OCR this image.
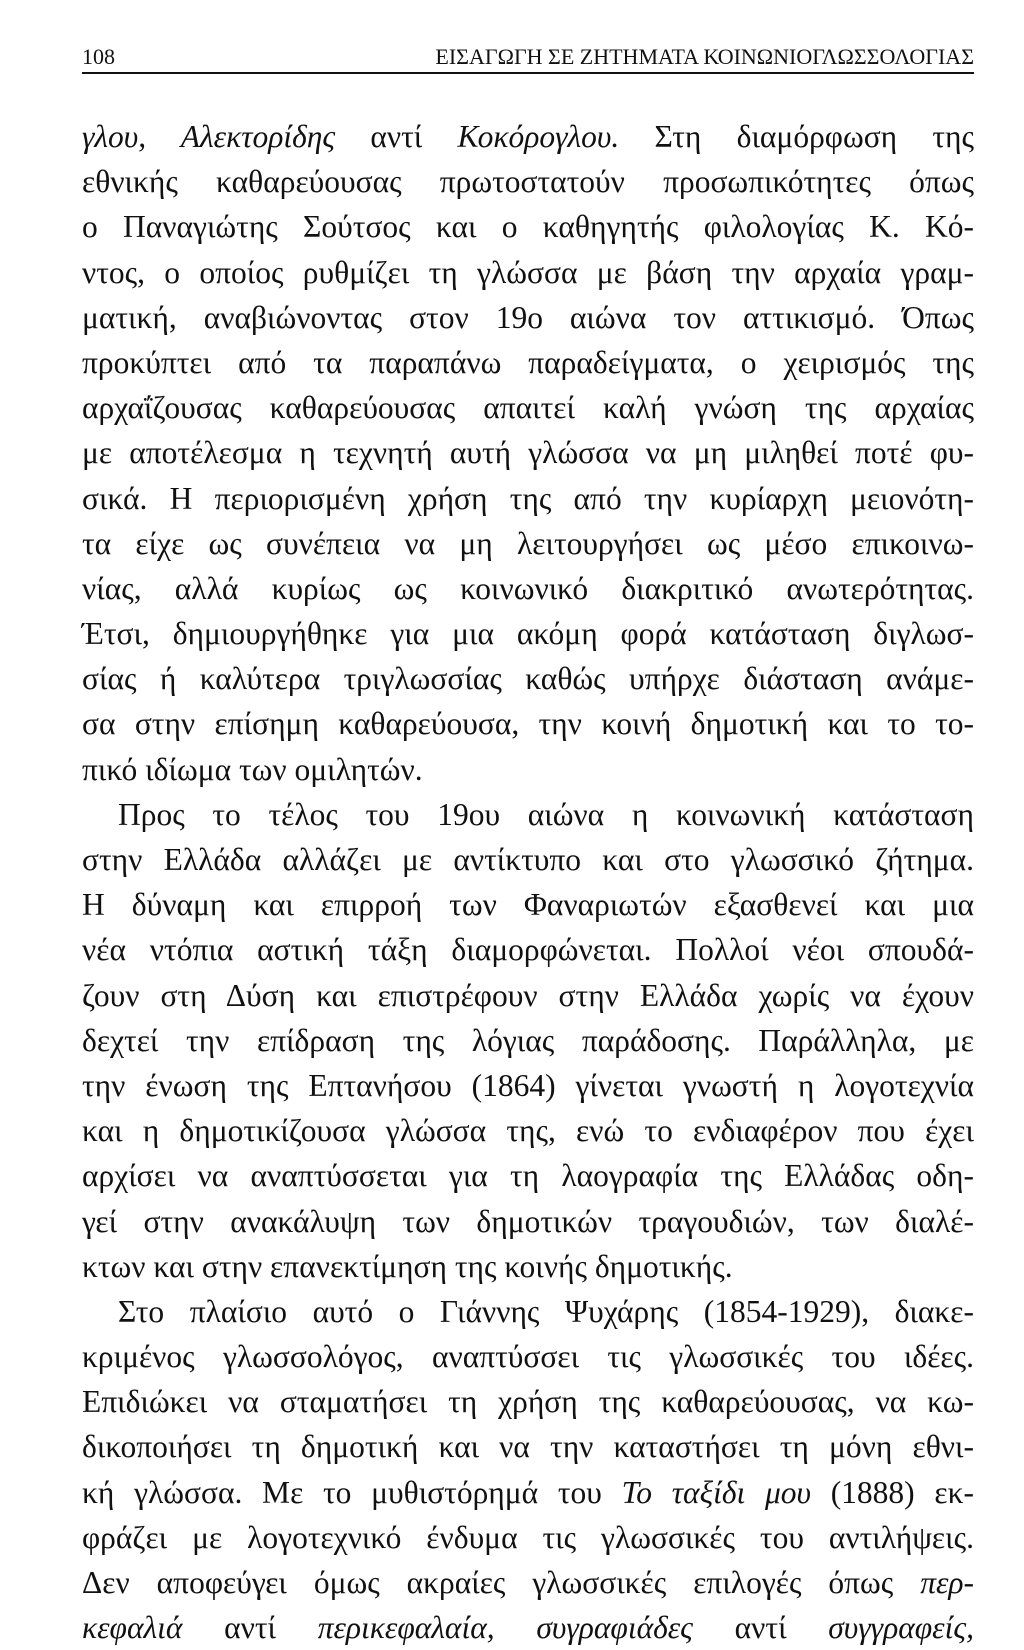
108	ΕΙΣΑΓΩΓΗ ΣΕ ΖΗΤΗΜΑΤΑ ΚΟΙΝΩΝΙΟΓΛΩΣΣΟΛΟΓΙΑΣ
γλου, Αλεκτορίδης αντί Κοκόρογλου. Στη διαμόρφωση της
εθνικής καθαρεύουσας πρωτοστατούν προσωπικότητες όπως
ο Παναγιώτης Σούτσος και ο καθηγητής φιλολογίας Κ. Κό-
ντος, ο οποίος ρυθμίζει τη γλώσσα με βάση την αρχαία γραμ-
ματική, αναβιώνοντας στον 19ο αιώνα τον αττικισμό. Όπως
προκύπτει από τα παραπάνω παραδείγματα, ο χειρισμός της
αρχαΐζουσας καθαρεύουσας απαιτεί καλή γνώση της αρχαίας
με αποτέλεσμα η τεχνητή αυτή γλώσσα να μη μιληθεί ποτέ φυ-
σικά. Η περιορισμένη χρήση της από την κυρίαρχη μειονότη-
τα είχε ως συνέπεια να μη λειτουργήσει ως μέσο επικοινω-
νίας, αλλά κυρίως ως κοινωνικό διακριτικό ανωτερότητας.
Έτσι, δημιουργήθηκε για μια ακόμη φορά κατάσταση διγλωσ-
σίας ή καλύτερα τριγλωσσίας καθώς υπήρχε διάσταση ανάμε-
σα στην επίσημη καθαρεύουσα, την κοινή δημοτική και το το-
πικό ιδίωμα των ομιλητών.
Προς το τέλος του 19ου αιώνα η κοινωνική κατάσταση
στην Ελλάδα αλλάζει με αντίκτυπο και στο γλωσσικό ζήτημα.
Η δύναμη και επιρροή των Φαναριωτών εξασθενεί και μια
νέα ντόπια αστική τάξη διαμορφώνεται. Πολλοί νέοι σπουδά-
ζουν στη Δύση και επιστρέφουν στην Ελλάδα χωρίς να έχουν
δεχτεί την επίδραση της λόγιας παράδοσης. Παράλληλα, με
την ένωση της Επτανήσου (1864) γίνεται γνωστή η λογοτεχνία
και η δημοτικίζουσα γλώσσα της, ενώ το ενδιαφέρον που έχει
αρχίσει να αναπτύσσεται για τη λαογραφία της Ελλάδας οδη-
γεί στην ανακάλυψη των δημοτικών τραγουδιών, των διαλέ-
κτων και στην επανεκτίμηση της κοινής δημοτικής.
Στο πλαίσιο αυτό ο Γιάννης Ψυχάρης (1854-1929), διακε-
κριμένος γλωσσολόγος, αναπτύσσει τις γλωσσικές του ιδέες.
Επιδιώκει να σταματήσει τη χρήση της καθαρεύουσας, να κω-
δικοποιήσει τη δημοτική και να την καταστήσει τη μόνη εθνι-
κή γλώσσα. Με το μυθιστόρημά του Το ταξίδι μου (1888) εκ-
φράζει με λογοτεχνικό ένδυμα τις γλωσσικές του αντιλήψεις.
Δεν αποφεύγει όμως ακραίες γλωσσικές επιλογές όπως περ-
κεφαλιά αντί περικεφαλαία, συγραφιάδες αντί συγγραφείς,
